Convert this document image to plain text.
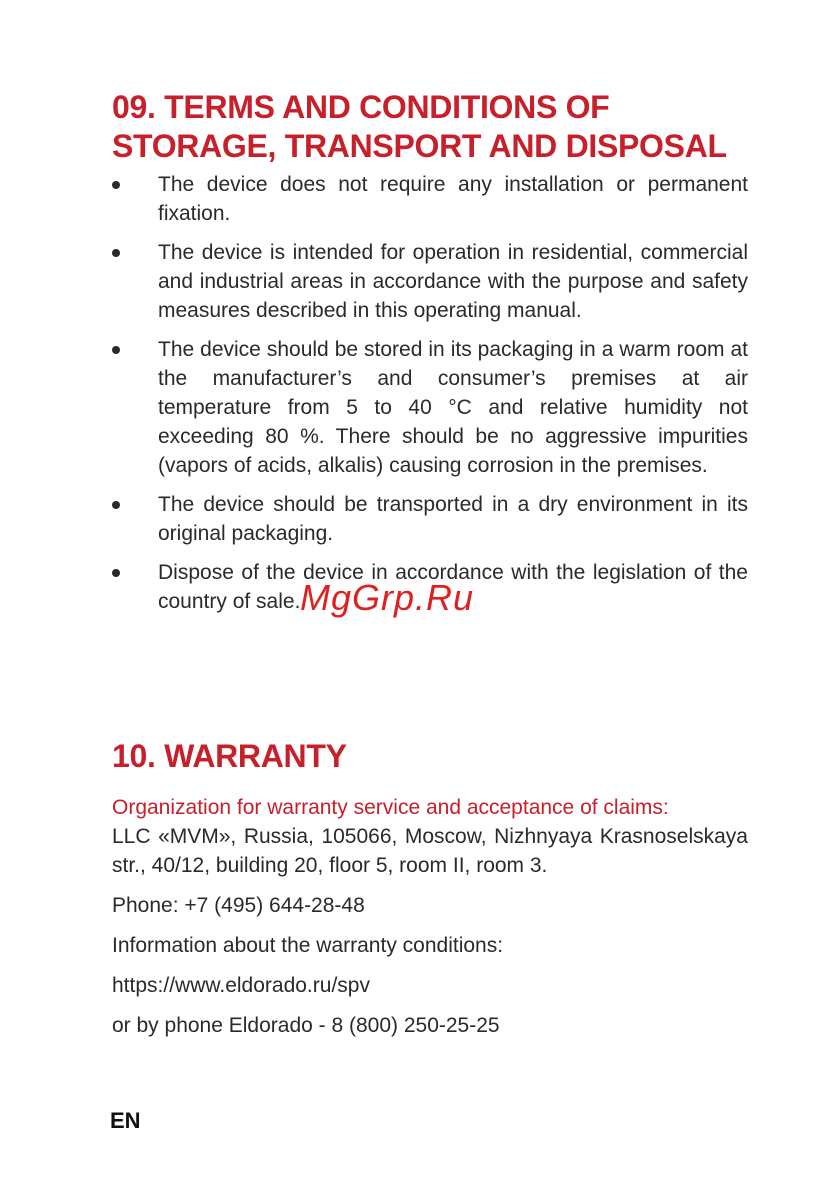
09. TERMS AND CONDITIONS OF
STORAGE, TRANSPORT AND DISPOSAL
The device does not require any installation or permanent fixation.
The device is intended for operation in residential, commercial and industrial areas in accordance with the purpose and safety measures described in this operating manual.
The device should be stored in its packaging in a warm room at the manufacturer’s and consumer’s premises at air temperature from 5 to 40 °C and relative humidity not exceeding 80 %. There should be no aggressive impurities (vapors of acids, alkalis) causing corrosion in the premises.
The device should be transported in a dry environment in its original packaging.
Dispose of the device in accordance with the legislation of the country of sale. MgGrp.Ru
10. WARRANTY
Organization for warranty service and acceptance of claims:
LLC «MVM», Russia, 105066, Moscow, Nizhnyaya Krasnoselskaya str., 40/12, building 20, floor 5, room II, room 3.
Phone: +7 (495) 644-28-48
Information about the warranty conditions:
https://www.eldorado.ru/spv
or by phone Eldorado - 8 (800) 250-25-25
EN
